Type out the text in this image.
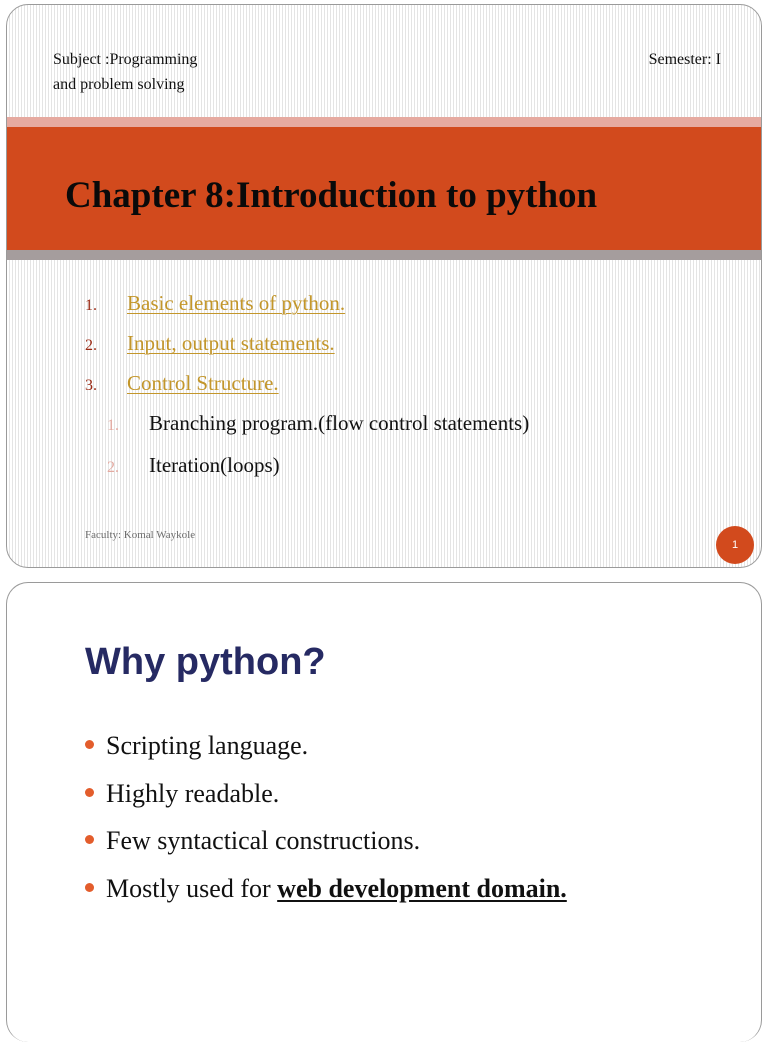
Subject :Programming
and problem solving
Semester: I
Chapter 8:Introduction to python
1. Basic elements of python.
2. Input, output statements.
3. Control Structure.
1. Branching program.(flow control statements)
2. Iteration(loops)
Faculty: Komal Waykole
1
Why python?
Scripting language.
Highly readable.
Few syntactical constructions.
Mostly used for web development domain.
